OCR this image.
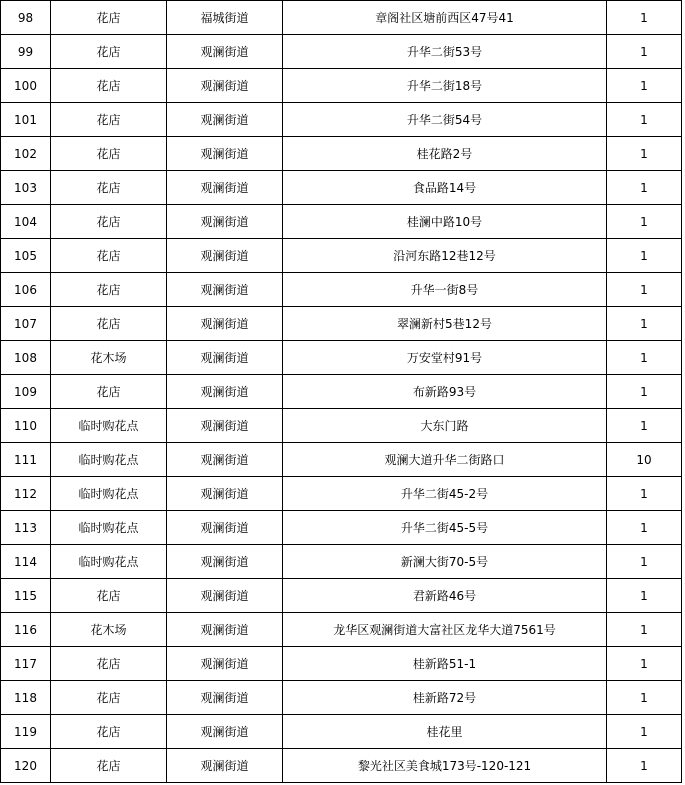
98	花店	福城街道	章阁社区塘前西区47号41	1
99	花店	观澜街道	升华二街53号	1
100	花店	观澜街道	升华二街18号	1
101	花店	观澜街道	升华二街54号	1
102	花店	观澜街道	桂花路2号	1
103	花店	观澜街道	食品路14号	1
104	花店	观澜街道	桂澜中路10号	1
105	花店	观澜街道	沿河东路12巷12号	1
106	花店	观澜街道	升华一街8号	1
107	花店	观澜街道	翠澜新村5巷12号	1
108	花木场	观澜街道	万安堂村91号	1
109	花店	观澜街道	布新路93号	1
110	临时购花点	观澜街道	大东门路	1
111	临时购花点	观澜街道	观澜大道升华二街路口	10
112	临时购花点	观澜街道	升华二街45-2号	1
113	临时购花点	观澜街道	升华二街45-5号	1
114	临时购花点	观澜街道	新澜大街70-5号	1
115	花店	观澜街道	君新路46号	1
116	花木场	观澜街道	龙华区观澜街道大富社区龙华大道7561号	1
117	花店	观澜街道	桂新路51-1	1
118	花店	观澜街道	桂新路72号	1
119	花店	观澜街道	桂花里	1
120	花店	观澜街道	黎光社区美食城173号-120-121	1
